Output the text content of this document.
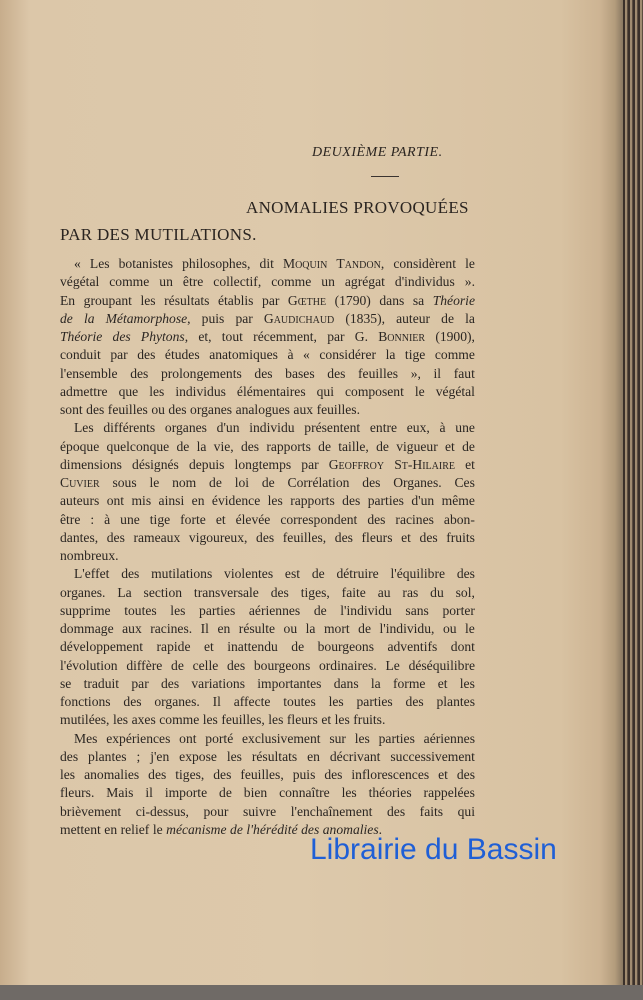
DEUXIÈME PARTIE.
ANOMALIES PROVOQUÉES
PAR DES MUTILATIONS.
« Les botanistes philosophes, dit Moquin Tandon, considèrent le
végétal comme un être collectif, comme un agrégat d'individus ».
En groupant les résultats établis par Gœthe (1790) dans sa Théorie
de la Métamorphose, puis par Gaudichaud (1835), auteur de la
Théorie des Phytons, et, tout récemment, par G. Bonnier (1900),
conduit par des études anatomiques à « considérer la tige comme
l'ensemble des prolongements des bases des feuilles », il faut
admettre que les individus élémentaires qui composent le végétal
sont des feuilles ou des organes analogues aux feuilles.
Les différents organes d'un individu présentent entre eux, à une
époque quelconque de la vie, des rapports de taille, de vigueur et de
dimensions désignés depuis longtemps par Geoffroy St-Hilaire et
Cuvier sous le nom de loi de Corrélation des Organes. Ces
auteurs ont mis ainsi en évidence les rapports des parties d'un même
être : à une tige forte et élevée correspondent des racines abon-
dantes, des rameaux vigoureux, des feuilles, des fleurs et des fruits
nombreux.
L'effet des mutilations violentes est de détruire l'équilibre des
organes. La section transversale des tiges, faite au ras du sol,
supprime toutes les parties aériennes de l'individu sans porter
dommage aux racines. Il en résulte ou la mort de l'individu, ou le
développement rapide et inattendu de bourgeons adventifs dont
l'évolution diffère de celle des bourgeons ordinaires. Le déséquilibre
se traduit par des variations importantes dans la forme et les
fonctions des organes. Il affecte toutes les parties des plantes
mutilées, les axes comme les feuilles, les fleurs et les fruits.
Mes expériences ont porté exclusivement sur les parties aériennes
des plantes ; j'en expose les résultats en décrivant successivement
les anomalies des tiges, des feuilles, puis des inflorescences et des
fleurs. Mais il importe de bien connaître les théories rappelées
brièvement ci-dessus, pour suivre l'enchaînement des faits qui
mettent en relief le mécanisme de l'hérédité des anomalies.
Librairie du Bassin
